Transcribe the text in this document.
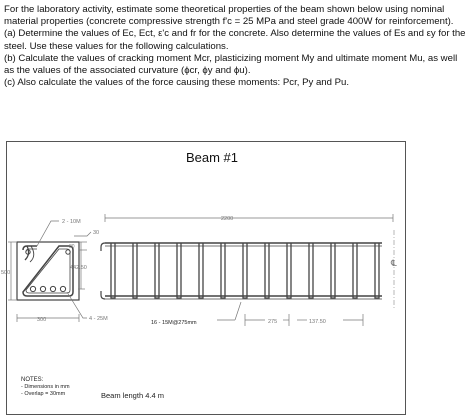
For the laboratory activity, estimate some theoretical properties of the beam shown below using nominal material properties (concrete compressive strength f'c = 25 MPa and steel grade 400W for reinforcement).

(a) Determine the values of Ec, Ect, ε'c and fr for the concrete. Also determine the values of Es and εy for the steel. Use these values for the following calculations.

(b) Calculate the values of cracking moment Mcr, plasticizing moment My and ultimate moment Mu, as well as the values of the associated curvature (ϕcr, ϕy and ϕu).

(c) Also calculate the values of the force causing these moments: Pcr, Py and Pu.

Beam #1
2 - 10M
30
30
442.50
500
300	4 - 25M
℄
2200
16 - 15M@275mm	275	137.50
NOTES:
- Dimensions in mm
- Overlap = 30mm	Beam length 4.4 m
